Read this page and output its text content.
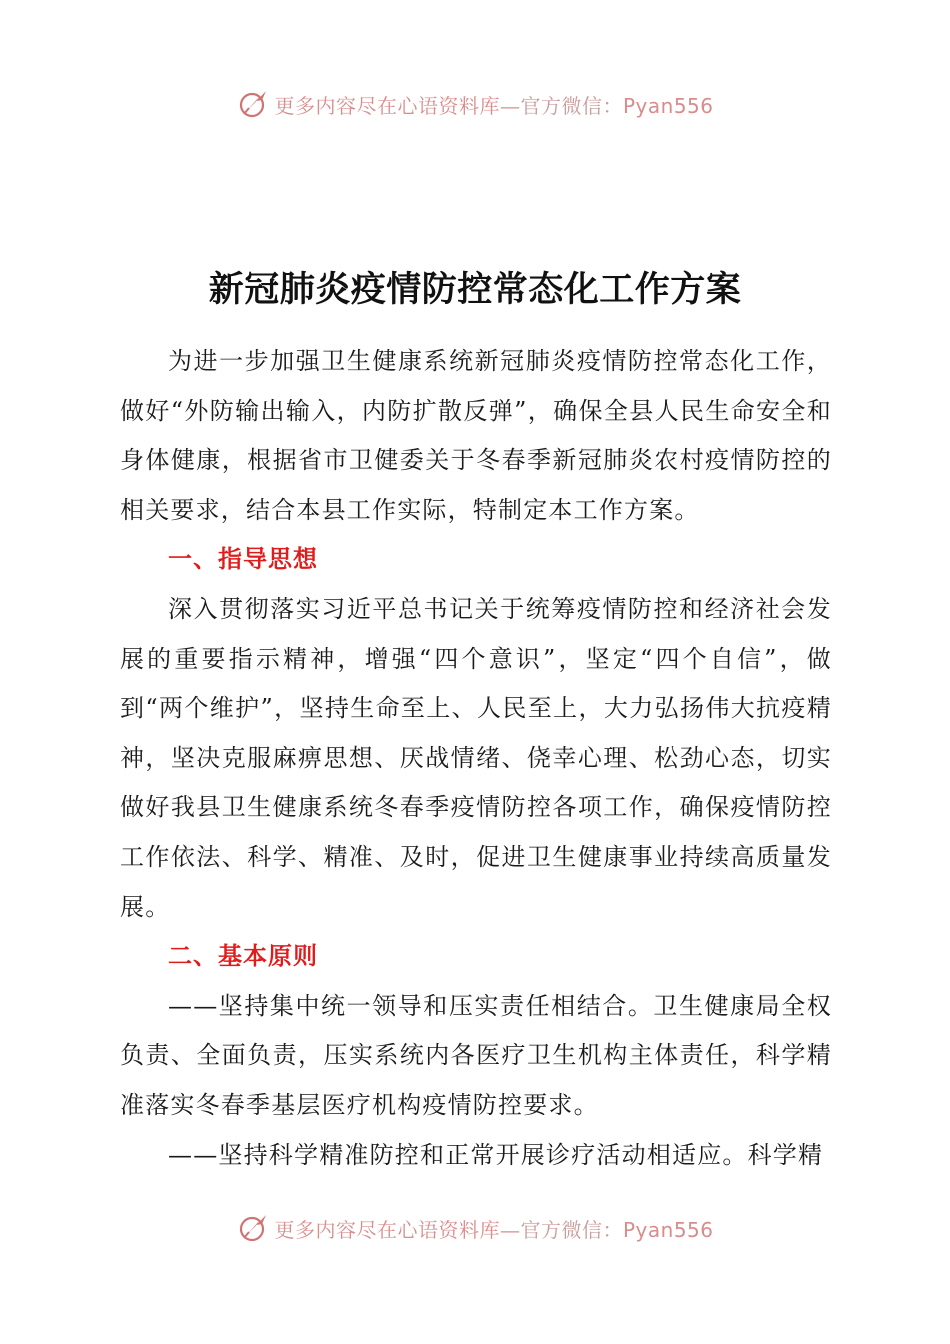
更多内容尽在心语资料库—官方微信：Pyan556
新冠肺炎疫情防控常态化工作方案

为进一步加强卫生健康系统新冠肺炎疫情防控常态化工作，做好“外防输出输入，内防扩散反弹”，确保全县人民生命安全和身体健康，根据省市卫健委关于冬春季新冠肺炎农村疫情防控的相关要求，结合本县工作实际，特制定本工作方案。

一、指导思想

深入贯彻落实习近平总书记关于统筹疫情防控和经济社会发展的重要指示精神，增强“四个意识”，坚定“四个自信”，做到“两个维护”，坚持生命至上、人民至上，大力弘扬伟大抗疫精神，坚决克服麻痹思想、厌战情绪、侥幸心理、松劲心态，切实做好我县卫生健康系统冬春季疫情防控各项工作，确保疫情防控工作依法、科学、精准、及时，促进卫生健康事业持续高质量发展。

二、基本原则

——坚持集中统一领导和压实责任相结合。卫生健康局全权负责、全面负责，压实系统内各医疗卫生机构主体责任，科学精准落实冬春季基层医疗机构疫情防控要求。

——坚持科学精准防控和正常开展诊疗活动相适应。科学精

更多内容尽在心语资料库—官方微信：Pyan556
